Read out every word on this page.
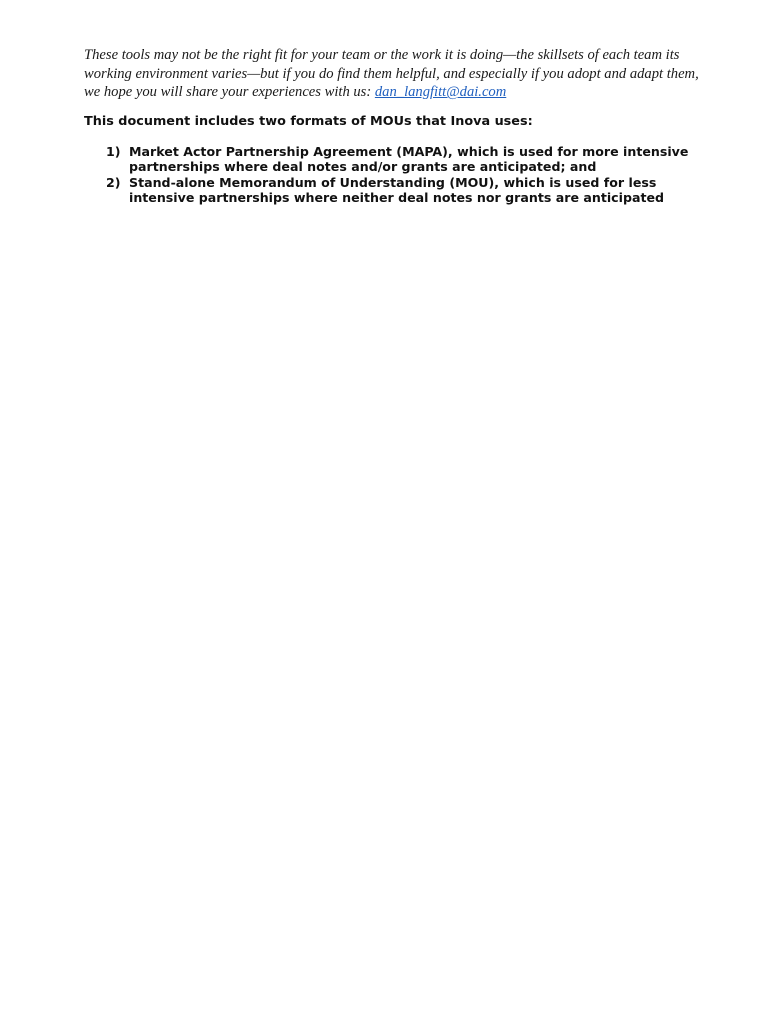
These tools may not be the right fit for your team or the work it is doing—the skillsets of each team its working environment varies—but if you do find them helpful, and especially if you adopt and adapt them, we hope you will share your experiences with us: dan_langfitt@dai.com

This document includes two formats of MOUs that Inova uses:

1) Market Actor Partnership Agreement (MAPA), which is used for more intensive partnerships where deal notes and/or grants are anticipated; and
2) Stand-alone Memorandum of Understanding (MOU), which is used for less intensive partnerships where neither deal notes nor grants are anticipated
